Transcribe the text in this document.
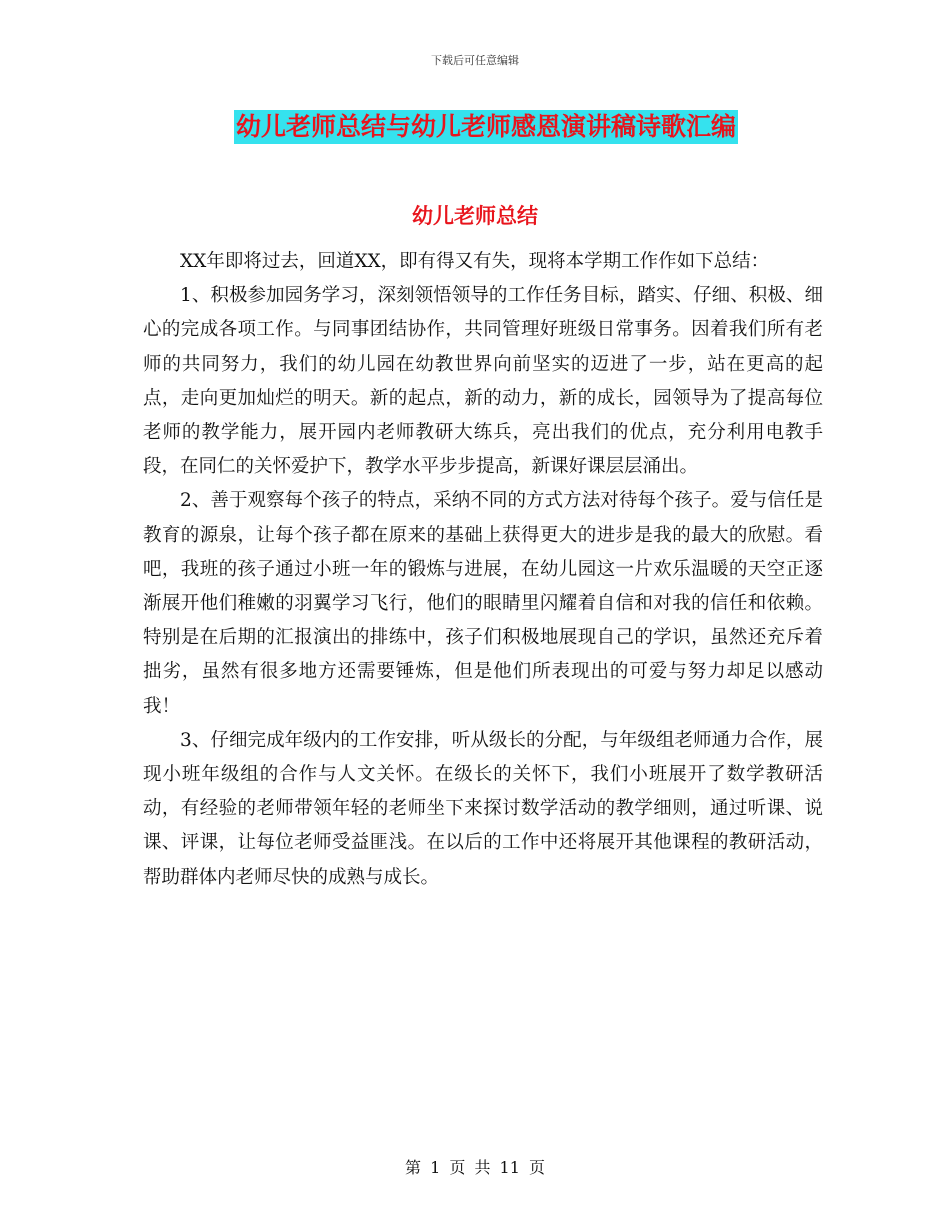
下载后可任意编辑
幼儿老师总结与幼儿老师感恩演讲稿诗歌汇编
幼儿老师总结

XX年即将过去，回道XX，即有得又有失，现将本学期工作作如下总结：

1、积极参加园务学习，深刻领悟领导的工作任务目标，踏实、仔细、积极、细心的完成各项工作。与同事团结协作，共同管理好班级日常事务。因着我们所有老师的共同努力，我们的幼儿园在幼教世界向前坚实的迈进了一步，站在更高的起点，走向更加灿烂的明天。新的起点，新的动力，新的成长，园领导为了提高每位老师的教学能力，展开园内老师教研大练兵，亮出我们的优点，充分利用电教手段，在同仁的关怀爱护下，教学水平步步提高，新课好课层层涌出。

2、善于观察每个孩子的特点，采纳不同的方式方法对待每个孩子。爱与信任是教育的源泉，让每个孩子都在原来的基础上获得更大的进步是我的最大的欣慰。看吧，我班的孩子通过小班一年的锻炼与进展，在幼儿园这一片欢乐温暖的天空正逐渐展开他们稚嫩的羽翼学习飞行，他们的眼睛里闪耀着自信和对我的信任和依赖。特别是在后期的汇报演出的排练中，孩子们积极地展现自己的学识，虽然还充斥着拙劣，虽然有很多地方还需要锤炼，但是他们所表现出的可爱与努力却足以感动我！

3、仔细完成年级内的工作安排，听从级长的分配，与年级组老师通力合作，展现小班年级组的合作与人文关怀。在级长的关怀下，我们小班展开了数学教研活动，有经验的老师带领年轻的老师坐下来探讨数学活动的教学细则，通过听课、说课、评课，让每位老师受益匪浅。在以后的工作中还将展开其他课程的教研活动，帮助群体内老师尽快的成熟与成长。

第 1 页 共 11 页
